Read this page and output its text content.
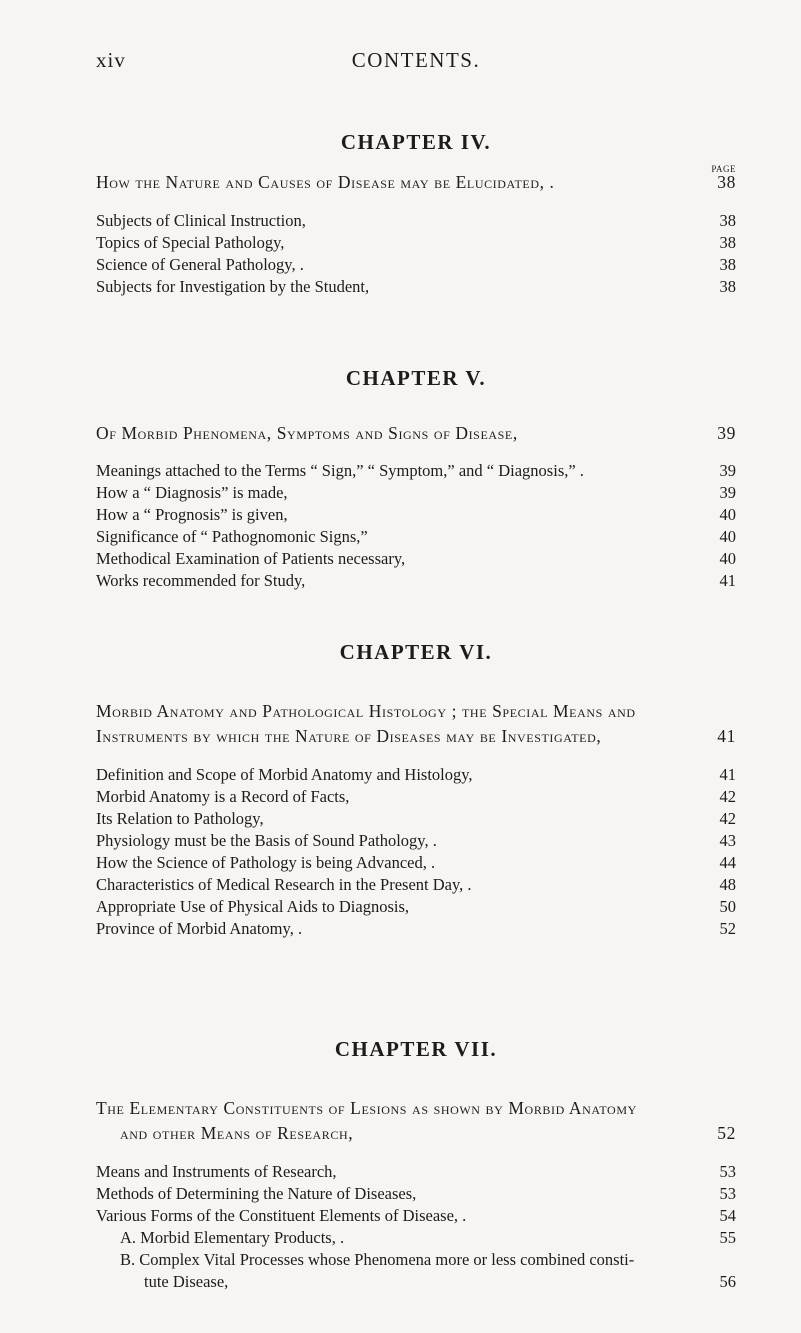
xiv	CONTENTS.
CHAPTER IV.
PAGE
How the Nature and Causes of Disease may be Elucidated, .	38
Subjects of Clinical Instruction,	38
Topics of Special Pathology,	38
Science of General Pathology, .	38
Subjects for Investigation by the Student,	38
CHAPTER V.
Of Morbid Phenomena, Symptoms and Signs of Disease,	39
Meanings attached to the Terms “ Sign,” “ Symptom,” and “ Diagnosis,” .	39
How a “ Diagnosis” is made,	39
How a “ Prognosis” is given,	40
Significance of “ Pathognomonic Signs,”	40
Methodical Examination of Patients necessary,	40
Works recommended for Study,	41
CHAPTER VI.
Morbid Anatomy and Pathological Histology ; the Special Means and
Instruments by which the Nature of Diseases may be Investigated,	41
Definition and Scope of Morbid Anatomy and Histology,	41
Morbid Anatomy is a Record of Facts,	42
Its Relation to Pathology,	42
Physiology must be the Basis of Sound Pathology, .	43
How the Science of Pathology is being Advanced, .	44
Characteristics of Medical Research in the Present Day, .	48
Appropriate Use of Physical Aids to Diagnosis,	50
Province of Morbid Anatomy, .	52
CHAPTER VII.
The Elementary Constituents of Lesions as shown by Morbid Anatomy
and other Means of Research,	52
Means and Instruments of Research,	53
Methods of Determining the Nature of Diseases,	53
Various Forms of the Constituent Elements of Disease, .	54
A. Morbid Elementary Products, .	55
B. Complex Vital Processes whose Phenomena more or less combined consti-
tute Disease,	56
